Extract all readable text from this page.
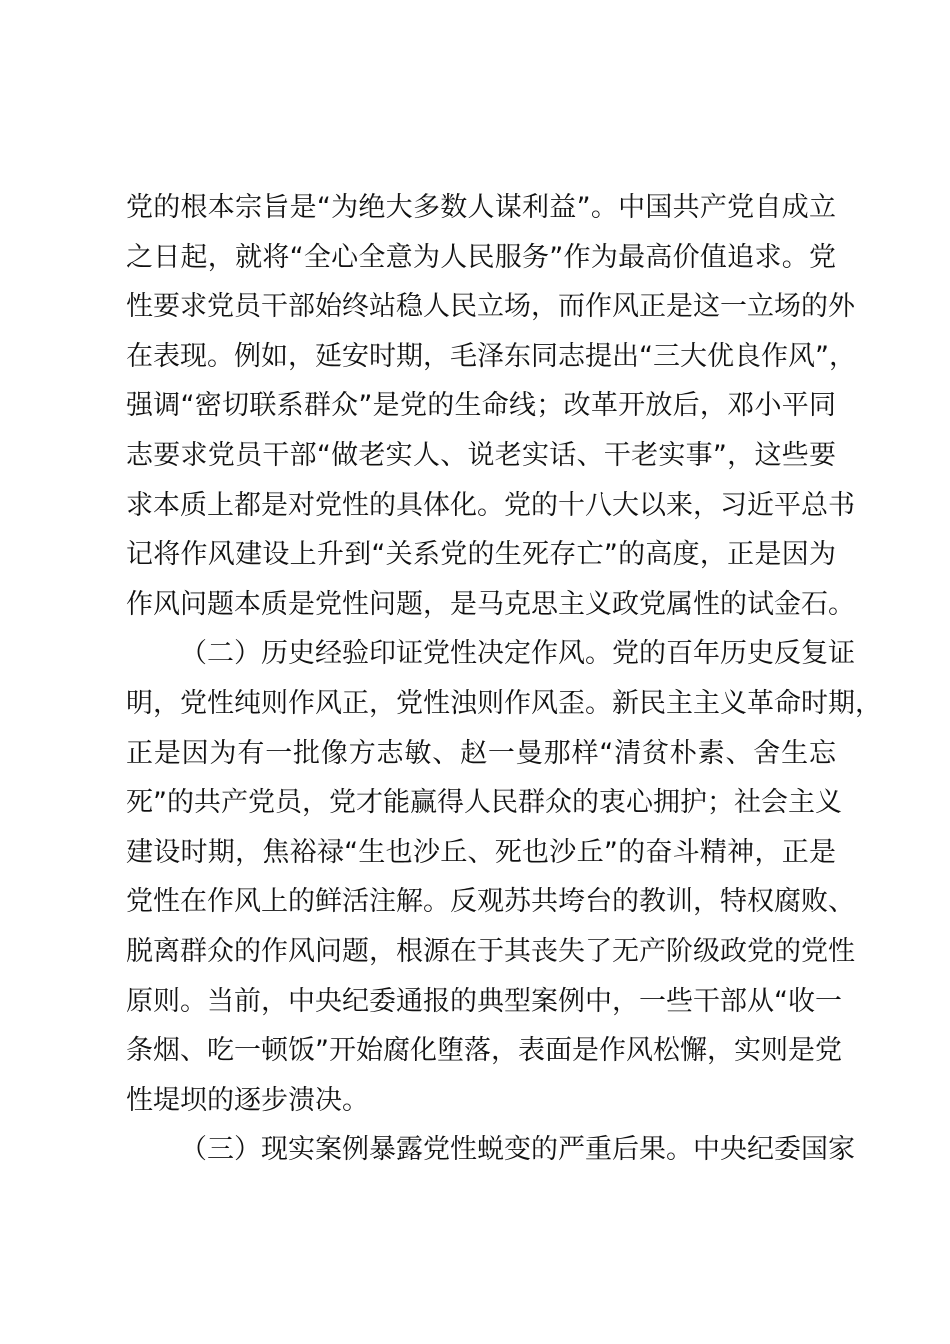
党的根本宗旨是“为绝大多数人谋利益”。中国共产党自成立
之日起，就将“全心全意为人民服务”作为最高价值追求。党
性要求党员干部始终站稳人民立场，而作风正是这一立场的外
在表现。例如，延安时期，毛泽东同志提出“三大优良作风”，
强调“密切联系群众”是党的生命线；改革开放后，邓小平同
志要求党员干部“做老实人、说老实话、干老实事”，这些要
求本质上都是对党性的具体化。党的十八大以来，习近平总书
记将作风建设上升到“关系党的生死存亡”的高度，正是因为
作风问题本质是党性问题，是马克思主义政党属性的试金石。
（二）历史经验印证党性决定作风。党的百年历史反复证
明，党性纯则作风正，党性浊则作风歪。新民主主义革命时期，
正是因为有一批像方志敏、赵一曼那样“清贫朴素、舍生忘
死”的共产党员，党才能赢得人民群众的衷心拥护；社会主义
建设时期，焦裕禄“生也沙丘、死也沙丘”的奋斗精神，正是
党性在作风上的鲜活注解。反观苏共垮台的教训，特权腐败、
脱离群众的作风问题，根源在于其丧失了无产阶级政党的党性
原则。当前，中央纪委通报的典型案例中，一些干部从“收一
条烟、吃一顿饭”开始腐化堕落，表面是作风松懈，实则是党
性堤坝的逐步溃决。
（三）现实案例暴露党性蜕变的严重后果。中央纪委国家
